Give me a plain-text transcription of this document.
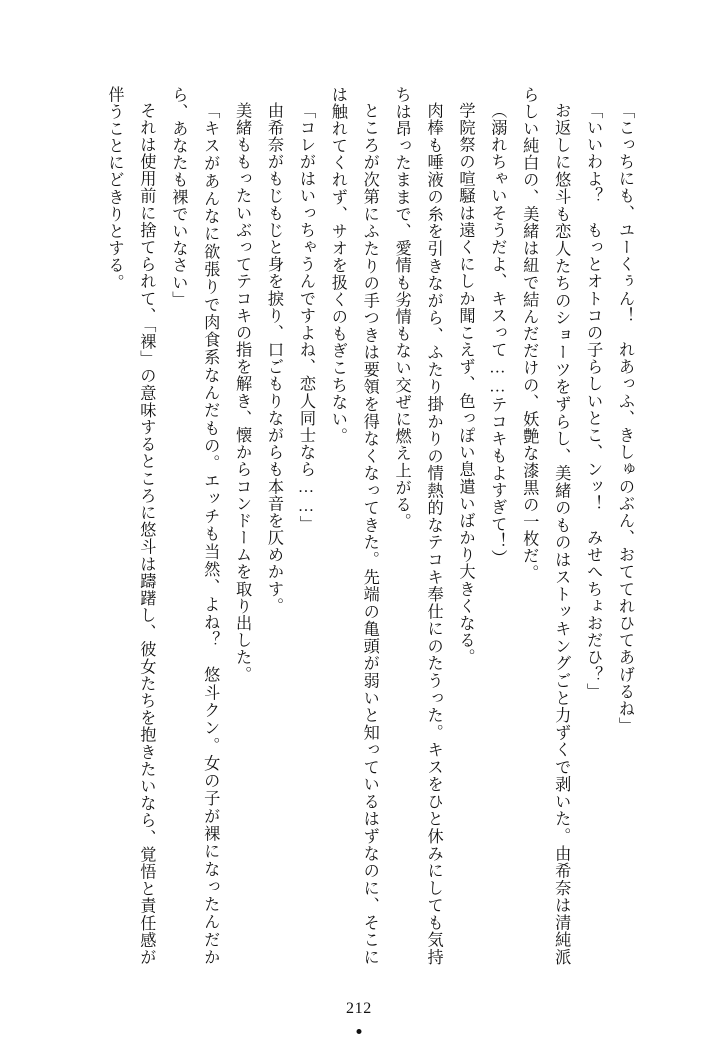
「こっちにも、ユーくぅん！　れあっふ、きしゅのぶん、おててれひてあげるね」

「いいわよ？　もっとオトコの子らしいとこ、ンッ！　みせへちょおだひ？」

お返しに悠斗も恋人たちのショーツをずらし、美緒のものはストッキングごと力ずくで剥いた。由希奈は清純派らしい純白の、美緒は紐で結んだだけの、妖艶な漆黒の一枚だ。

（溺れちゃいそうだよ、キスって……テコキもよすぎて！）

学院祭の喧騒は遠くにしか聞こえず、色っぽい息遣いばかり大きくなる。

肉棒も唾液の糸を引きながら、ふたり掛かりの情熱的なテコキ奉仕にのたうった。キスをひと休みにしても気持ちは昂ったままで、愛情も劣情もない交ぜに燃え上がる。

ところが次第にふたりの手つきは要領を得なくなってきた。先端の亀頭が弱いと知っているはずなのに、そこには触れてくれず、サオを扱くのもぎこちない。

「コレがはいっちゃうんですよね、恋人同士なら……」

由希奈がもじもじと身を捩り、口ごもりながらも本音を仄めかす。

美緒ももったいぶってテコキの指を解き、懐からコンドームを取り出した。

「キスがあんなに欲張りで肉食系なんだもの。エッチも当然、よね？　悠斗クン。女の子が裸になったんだから、あなたも裸でいなさい」

それは使用前に捨てられて、「裸」の意味するところに悠斗は躊躇し、彼女たちを抱きたいなら、覚悟と責任感が伴うことにどきりとする。

212
